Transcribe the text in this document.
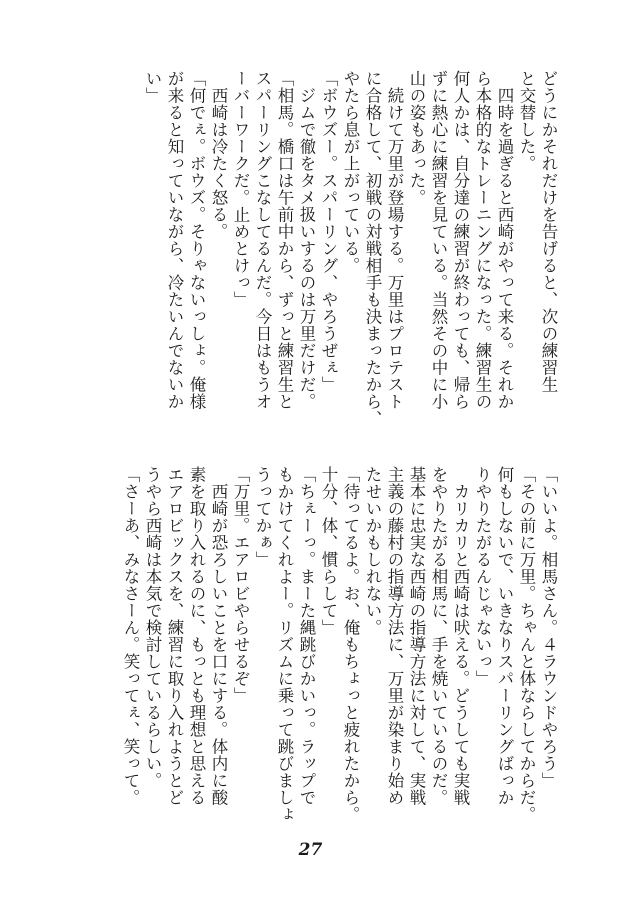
どうにかそれだけを告げると、次の練習生
と交替した。
　四時を過ぎると西崎がやって来る。それか
ら本格的なトレーニングになった。練習生の
何人かは、自分達の練習が終わっても、帰ら
ずに熱心に練習を見ている。当然その中に小
山の姿もあった。
　続けて万里が登場する。万里はプロテスト
に合格して、初戦の対戦相手も決まったから、
やたら息が上がっている。
「ボウズー。スパーリング、やろうぜぇ」
　ジムで徹をタメ扱いするのは万里だけだ。
「相馬。橋口は午前中から、ずっと練習生と
スパーリングこなしてるんだ。今日はもうオ
ーバーワークだ。止めとけっ」
　西崎は冷たく怒る。
「何でぇ。ボウズ。そりゃないっしょ。俺様
が来ると知っていながら、冷たいんでないか
い」
「いいよ。相馬さん。４ラウンドやろう」
「その前に万里。ちゃんと体ならしてからだ。
何もしないで、いきなりスパーリングばっか
りやりたがるんじゃないっ」
　カリカリと西崎は吠える。どうしても実戦
をやりたがる相馬に、手を焼いているのだ。
基本に忠実な西崎の指導方法に対して、実戦
主義の藤村の指導方法に、万里が染まり始め
たせいかもしれない。
「待ってるよ。お、俺もちょっと疲れたから。
十分、体、慣らして」
「ちぇーっ。まーた縄跳びかいっ。ラップで
もかけてくれよー。リズムに乗って跳びましょ
うってかぁ」
「万里。エアロビやらせるぞ」
　西崎が恐ろしいことを口にする。体内に酸
素を取り入れるのに、もっとも理想と思える
エアロビックスを、練習に取り入れようとど
うやら西崎は本気で検討しているらしい。
「さーあ、みなさーん。笑ってぇ、笑って。
27
